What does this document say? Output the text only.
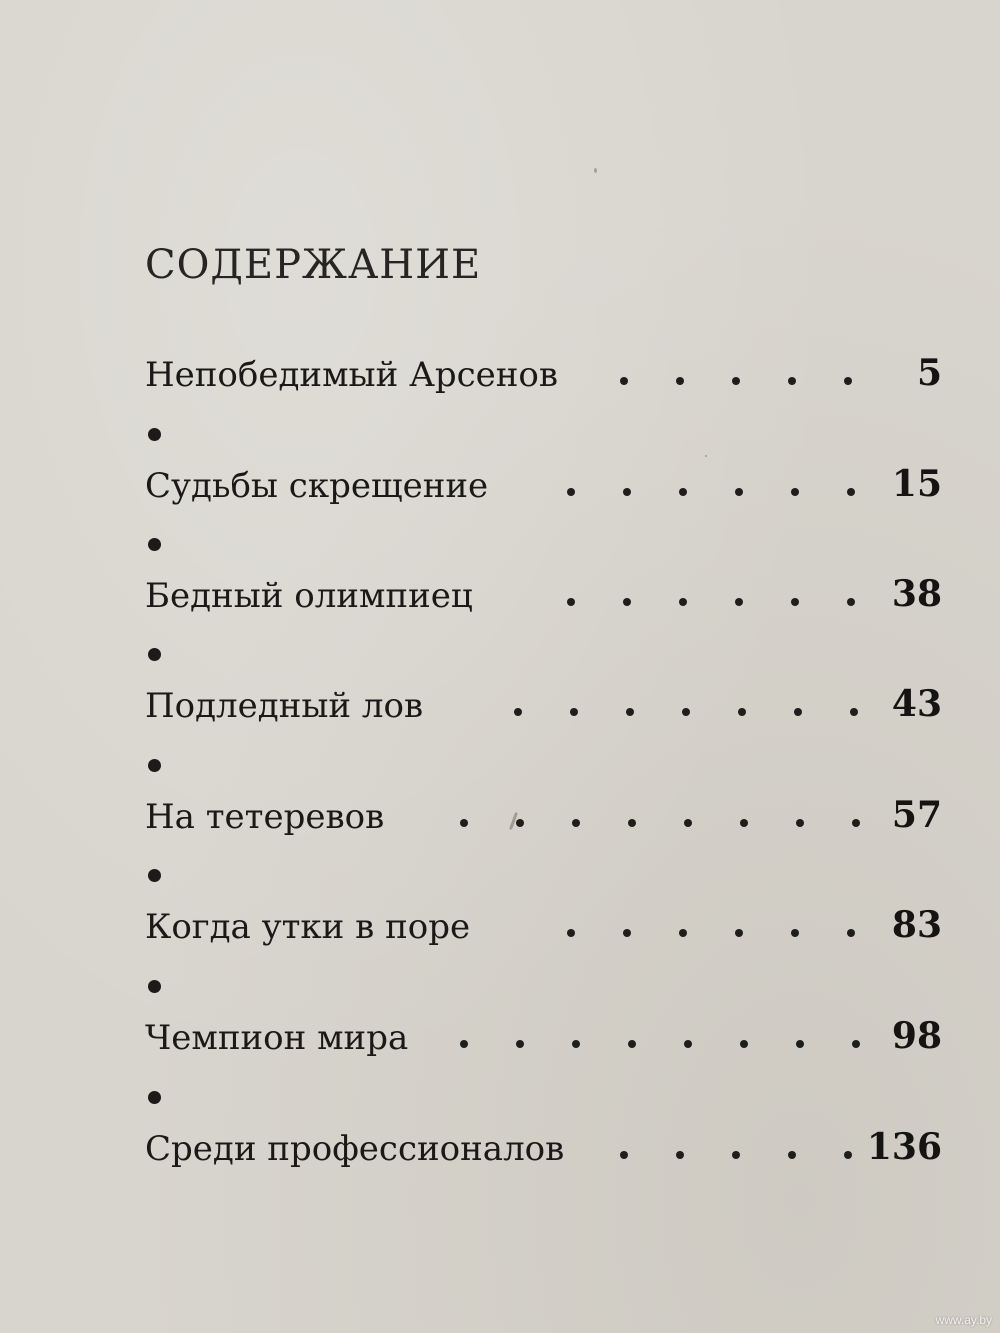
СОДЕРЖАНИЕ
Непобедимый Арсенов	5
Судьбы скрещение	15
Бедный олимпиец	38
Подледный лов	43
На тетеревов	57
Когда утки в поре	83
Чемпион мира	98
Среди профессионалов	136
www.ay.by
